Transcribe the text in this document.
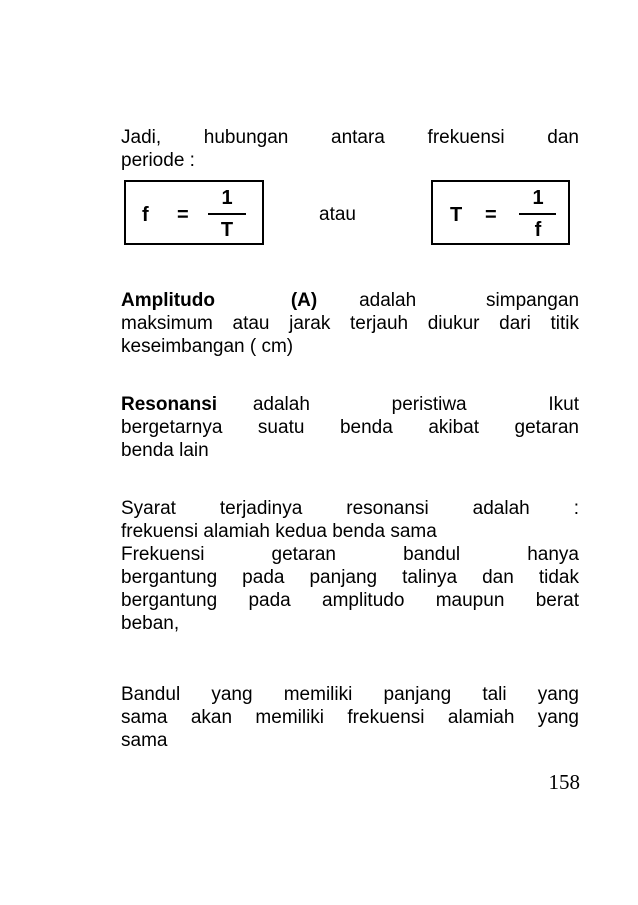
Jadi, hubungan antara frekuensi dan
periode :
f =
1
T
atau	T =
1
f
Amplitudo (A) adalah simpangan
maksimum atau jarak terjauh diukur dari titik
keseimbangan ( cm)
Resonansi adalah peristiwa Ikut
bergetarnya suatu benda akibat getaran
benda lain
Syarat terjadinya resonansi adalah :
frekuensi alamiah kedua benda sama
Frekuensi getaran bandul hanya
bergantung pada panjang talinya dan tidak
bergantung pada amplitudo maupun berat
beban,
Bandul yang memiliki panjang tali yang
sama akan memiliki frekuensi alamiah yang
sama
158
